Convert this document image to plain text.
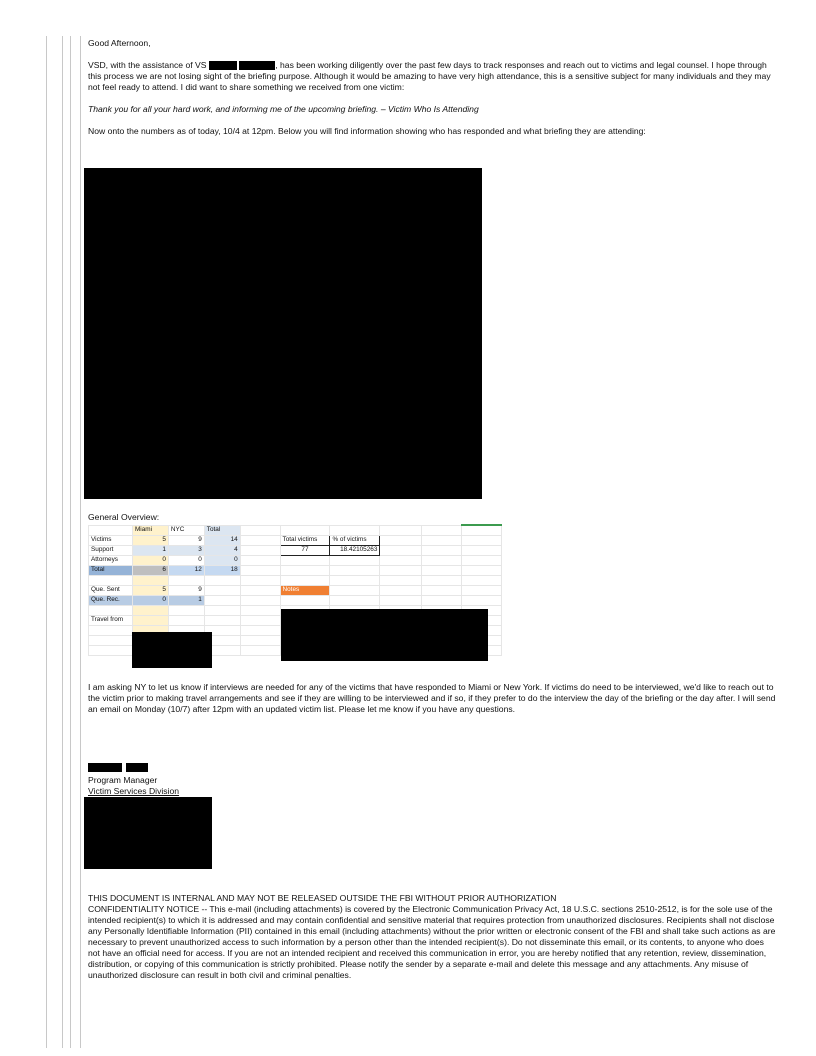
Good Afternoon,

VSD, with the assistance of VS	, has been working diligently over the past few days to track responses and reach out to victims and legal counsel. I hope through this process we are not losing sight of the briefing purpose. Although it would be amazing to have very high attendance, this is a sensitive subject for many individuals and they may not feel ready to attend. I did want to share something we received from one victim:

Thank you for all your hard work, and informing me of the upcoming briefing. – Victim Who Is Attending

Now onto the numbers as of today, 10/4 at 12pm. Below you will find information showing who has responded and what briefing they are attending:

General Overview:

	Miami	NYC	Total						
Victims	5	9	14		Total victims	% of victims			
Support	1	3	4		77	18.42105263			
Attorneys	0	0	0						
Total	6	12	18						

Que. Sent	5	9			Notes				
Que. Rec.	0	1							

Travel from									

I am asking NY to let us know if interviews are needed for any of the victims that have responded to Miami or New York. If victims do need to be interviewed, we'd like to reach out to the victim prior to making travel arrangements and see if they are willing to be interviewed and if so, if they prefer to do the interview the day of the briefing or the day after. I will send an email on Monday (10/7) after 12pm with an updated victim list. Please let me know if you have any questions.

Program Manager

Victim Services Division

THIS DOCUMENT IS INTERNAL AND MAY NOT BE RELEASED OUTSIDE THE FBI WITHOUT PRIOR AUTHORIZATION

CONFIDENTIALITY NOTICE -- This e-mail (including attachments) is covered by the Electronic Communication Privacy Act, 18 U.S.C. sections 2510-2512, is for the sole use of the intended recipient(s) to which it is addressed and may contain confidential and sensitive material that requires protection from unauthorized disclosures. Recipients shall not disclose any Personally Identifiable Information (PII) contained in this email (including attachments) without the prior written or electronic consent of the FBI and shall take such actions as are necessary to prevent unauthorized access to such information by a person other than the intended recipient(s). Do not disseminate this email, or its contents, to anyone who does not have an official need for access. If you are not an intended recipient and received this communication in error, you are hereby notified that any retention, review, dissemination, distribution, or copying of this communication is strictly prohibited. Please notify the sender by a separate e-mail and delete this message and any attachments. Any misuse of unauthorized disclosure can result in both civil and criminal penalties.
